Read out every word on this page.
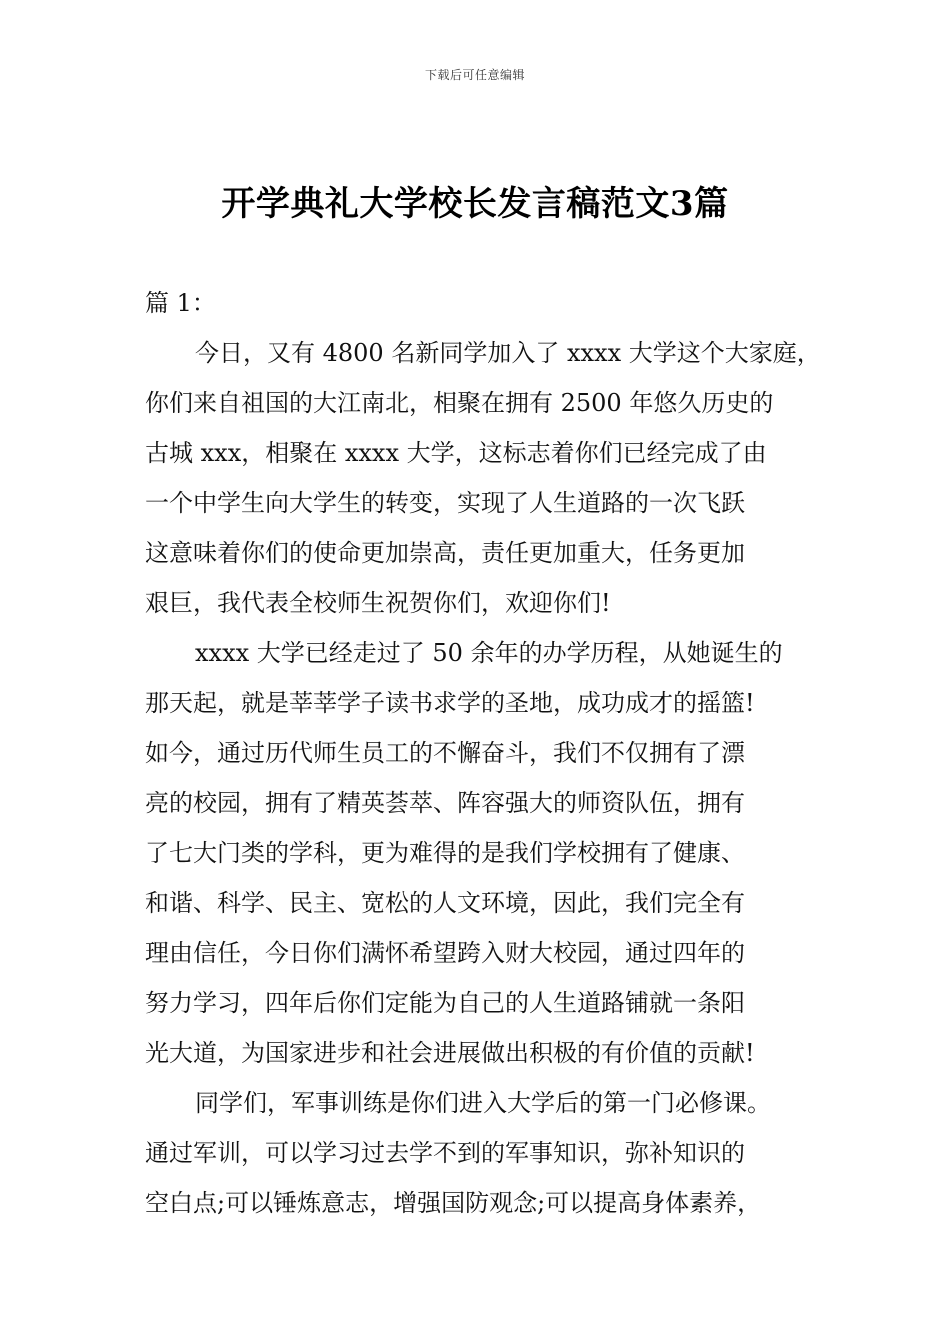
下载后可任意编辑
开学典礼大学校长发言稿范文3篇
篇 1：
今日，又有 4800 名新同学加入了 xxxx 大学这个大家庭，
你们来自祖国的大江南北，相聚在拥有 2500 年悠久历史的
古城 xxx，相聚在 xxxx 大学，这标志着你们已经完成了由
一个中学生向大学生的转变，实现了人生道路的一次飞跃
这意味着你们的使命更加崇高，责任更加重大，任务更加
艰巨，我代表全校师生祝贺你们，欢迎你们!
xxxx 大学已经走过了 50 余年的办学历程，从她诞生的
那天起，就是莘莘学子读书求学的圣地，成功成才的摇篮!
如今，通过历代师生员工的不懈奋斗，我们不仅拥有了漂
亮的校园，拥有了精英荟萃、阵容强大的师资队伍，拥有
了七大门类的学科，更为难得的是我们学校拥有了健康、
和谐、科学、民主、宽松的人文环境，因此，我们完全有
理由信任，今日你们满怀希望跨入财大校园，通过四年的
努力学习，四年后你们定能为自己的人生道路铺就一条阳
光大道，为国家进步和社会进展做出积极的有价值的贡献!
同学们，军事训练是你们进入大学后的第一门必修课。
通过军训，可以学习过去学不到的军事知识，弥补知识的
空白点;可以锤炼意志，增强国防观念;可以提高身体素养，
